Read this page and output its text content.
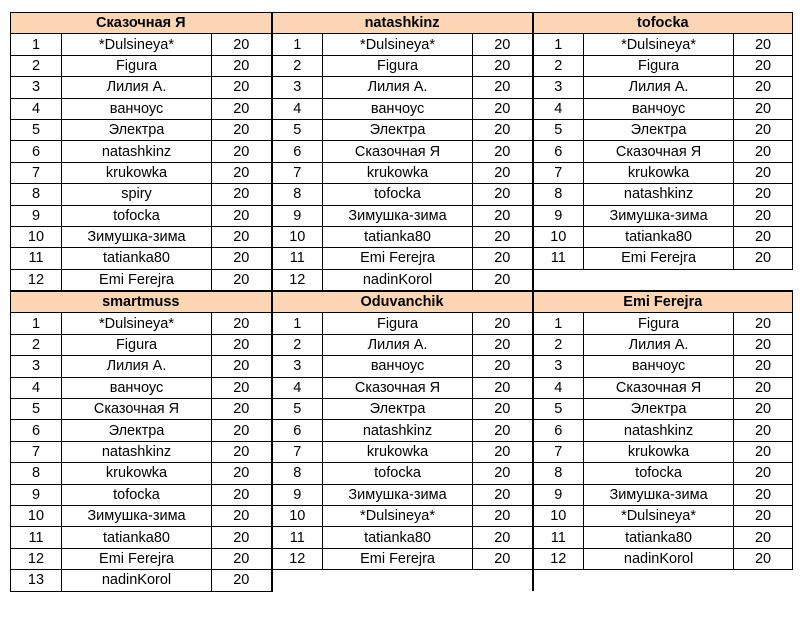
Сказочная Я			natashkinz			tofocka		
1	*Dulsineya*	20	1	*Dulsineya*	20	1	*Dulsineya*	20
2	Figura	20	2	Figura	20	2	Figura	20
3	Лилия А.	20	3	Лилия А.	20	3	Лилия А.	20
4	ванчоус	20	4	ванчоус	20	4	ванчоус	20
5	Электра	20	5	Электра	20	5	Электра	20
6	natashkinz	20	6	Сказочная Я	20	6	Сказочная Я	20
7	krukowka	20	7	krukowka	20	7	krukowka	20
8	spiry	20	8	tofocka	20	8	natashkinz	20
9	tofocka	20	9	Зимушка-зима	20	9	Зимушка-зима	20
10	Зимушка-зима	20	10	tatianka80	20	10	tatianka80	20
11	tatianka80	20	11	Emi Ferejra	20	11	Emi Ferejra	20
12	Emi Ferejra	20	12	nadinKorol	20			
smartmuss			Oduvanchik			Emi Ferejra		
1	*Dulsineya*	20	1	Figura	20	1	Figura	20
2	Figura	20	2	Лилия А.	20	2	Лилия А.	20
3	Лилия А.	20	3	ванчоус	20	3	ванчоус	20
4	ванчоус	20	4	Сказочная Я	20	4	Сказочная Я	20
5	Сказочная Я	20	5	Электра	20	5	Электра	20
6	Электра	20	6	natashkinz	20	6	natashkinz	20
7	natashkinz	20	7	krukowka	20	7	krukowka	20
8	krukowka	20	8	tofocka	20	8	tofocka	20
9	tofocka	20	9	Зимушка-зима	20	9	Зимушка-зима	20
10	Зимушка-зима	20	10	*Dulsineya*	20	10	*Dulsineya*	20
11	tatianka80	20	11	tatianka80	20	11	tatianka80	20
12	Emi Ferejra	20	12	Emi Ferejra	20	12	nadinKorol	20
13	nadinKorol	20						
